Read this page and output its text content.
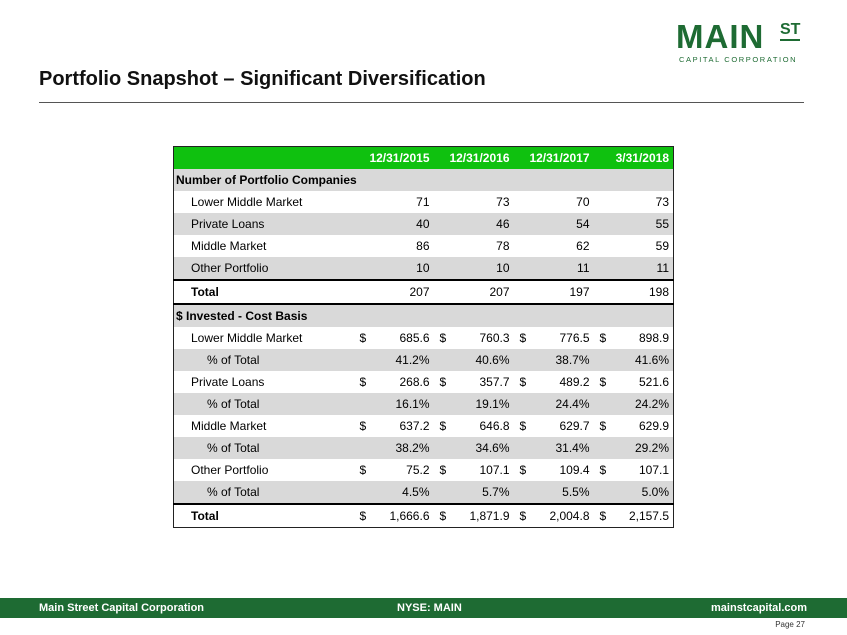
MAIN ST
CAPITAL CORPORATION
Portfolio Snapshot – Significant Diversification
	12/31/2015	12/31/2016	12/31/2017	3/31/2018
Number of Portfolio Companies				
Lower Middle Market	71	73	70	73
Private Loans	40	46	54	55
Middle Market	86	78	62	59
Other Portfolio	10	10	11	11
Total	207	207	197	198
$ Invested - Cost Basis				
Lower Middle Market	$ 685.6	$ 760.3	$ 776.5	$ 898.9
% of Total	41.2%	40.6%	38.7%	41.6%
Private Loans	$ 268.6	$ 357.7	$ 489.2	$ 521.6
% of Total	16.1%	19.1%	24.4%	24.2%
Middle Market	$ 637.2	$ 646.8	$ 629.7	$ 629.9
% of Total	38.2%	34.6%	31.4%	29.2%
Other Portfolio	$ 75.2	$ 107.1	$ 109.4	$ 107.1
% of Total	4.5%	5.7%	5.5%	5.0%
Total	$ 1,666.6	$ 1,871.9	$ 2,004.8	$ 2,157.5
Main Street Capital Corporation	NYSE: MAIN	mainstcapital.com
Page 27
